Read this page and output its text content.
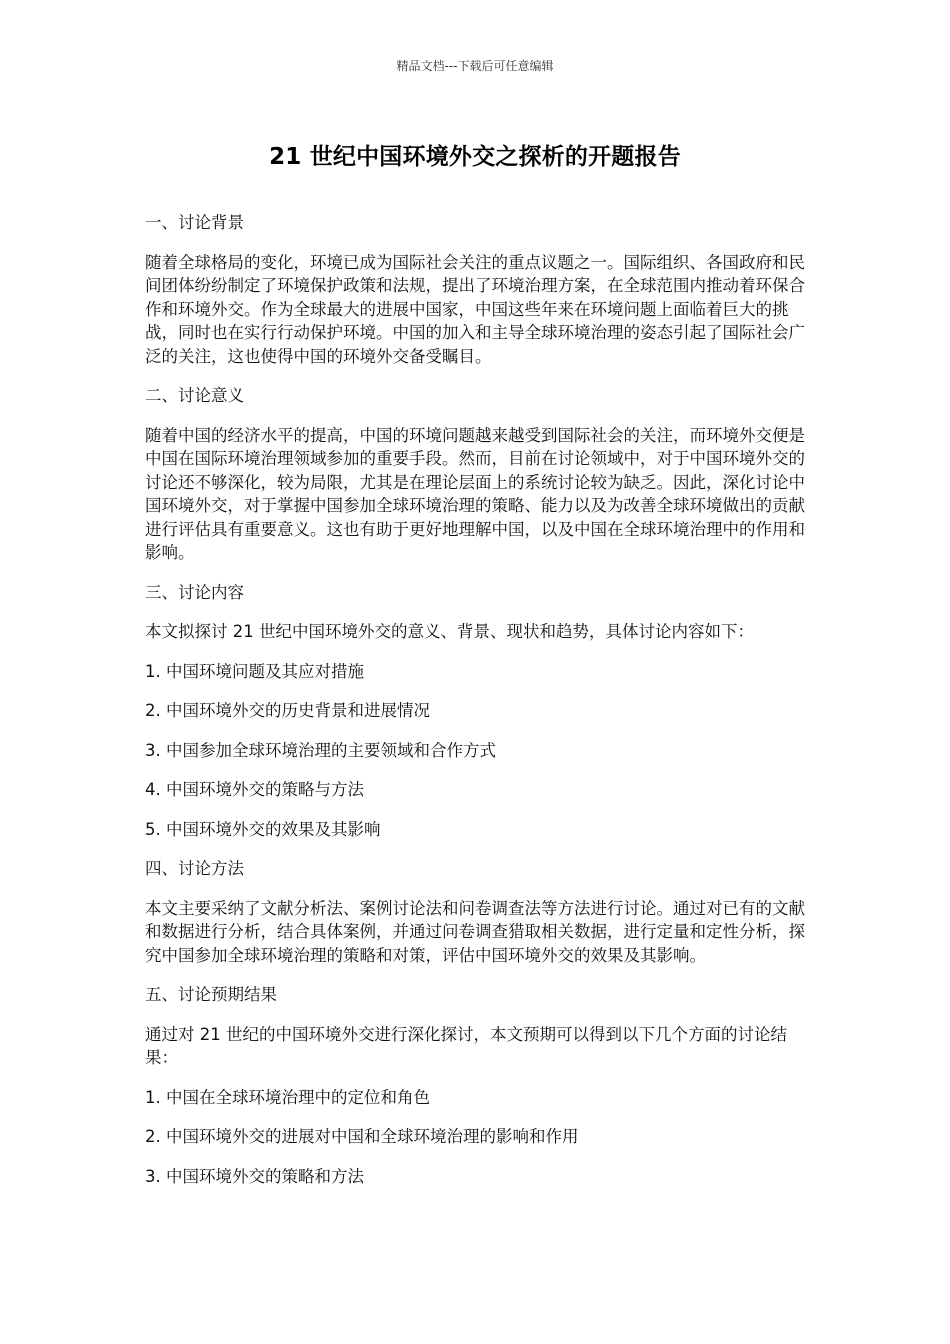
精品文档---下载后可任意编辑
21 世纪中国环境外交之探析的开题报告

一、讨论背景

随着全球格局的变化，环境已成为国际社会关注的重点议题之一。国际组织、各国政府和民间团体纷纷制定了环境保护政策和法规，提出了环境治理方案，在全球范围内推动着环保合作和环境外交。作为全球最大的进展中国家，中国这些年来在环境问题上面临着巨大的挑战，同时也在实行行动保护环境。中国的加入和主导全球环境治理的姿态引起了国际社会广泛的关注，这也使得中国的环境外交备受瞩目。

二、讨论意义

随着中国的经济水平的提高，中国的环境问题越来越受到国际社会的关注，而环境外交便是中国在国际环境治理领域参加的重要手段。然而，目前在讨论领域中，对于中国环境外交的讨论还不够深化，较为局限，尤其是在理论层面上的系统讨论较为缺乏。因此，深化讨论中国环境外交，对于掌握中国参加全球环境治理的策略、能力以及为改善全球环境做出的贡献进行评估具有重要意义。这也有助于更好地理解中国，以及中国在全球环境治理中的作用和影响。

三、讨论内容

本文拟探讨 21 世纪中国环境外交的意义、背景、现状和趋势，具体讨论内容如下：

1. 中国环境问题及其应对措施

2. 中国环境外交的历史背景和进展情况

3. 中国参加全球环境治理的主要领域和合作方式

4. 中国环境外交的策略与方法

5. 中国环境外交的效果及其影响

四、讨论方法

本文主要采纳了文献分析法、案例讨论法和问卷调查法等方法进行讨论。通过对已有的文献和数据进行分析，结合具体案例，并通过问卷调查猎取相关数据，进行定量和定性分析，探究中国参加全球环境治理的策略和对策，评估中国环境外交的效果及其影响。

五、讨论预期结果

通过对 21 世纪的中国环境外交进行深化探讨，本文预期可以得到以下几个方面的讨论结果：

1. 中国在全球环境治理中的定位和角色

2. 中国环境外交的进展对中国和全球环境治理的影响和作用

3. 中国环境外交的策略和方法
